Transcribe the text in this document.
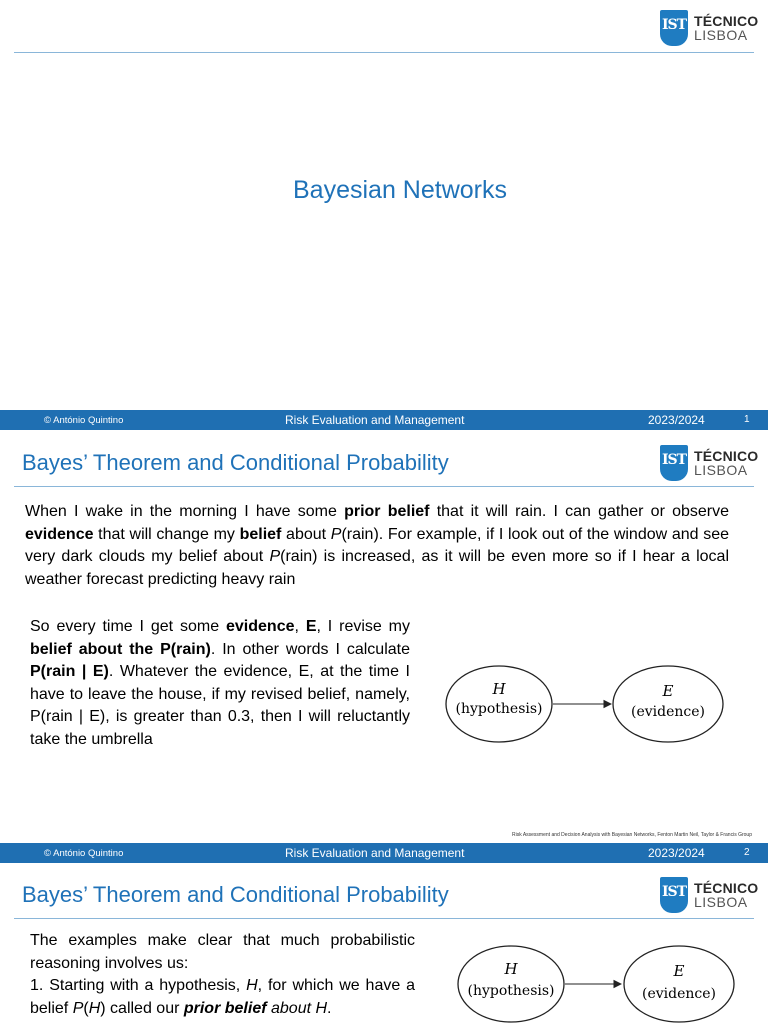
IST TÉCNICO
LISBOA
Bayesian Networks
© António Quintino	Risk Evaluation and Management	2023/2024	1
Bayes’ Theorem and Conditional Probability	IST TÉCNICO
LISBOA
When I wake in the morning I have some prior belief that it will rain. I can gather or observe evidence that will change my belief about P(rain). For example, if I look out of the window and see very dark clouds my belief about P(rain) is increased, as it will be even more so if I hear a local weather forecast predicting heavy rain
So every time I get some evidence, E, I revise my belief about the P(rain). In other words I calculate P(rain | E). Whatever the evidence, E, at the time I have to leave the house, if my revised belief, namely, P(rain | E), is greater than 0.3, then I will reluctantly take the umbrella
H
(hypothesis)
E
(evidence)
Risk Assessment and Decision Analysis with Bayesian Networks, Fenton Martin Neil, Taylor & Francis Group
© António Quintino	Risk Evaluation and Management	2023/2024	2
Bayes’ Theorem and Conditional Probability	IST TÉCNICO
LISBOA
The examples make clear that much probabilistic reasoning involves us:
1. Starting with a hypothesis, H, for which we have a belief P(H) called our prior belief about H.
H
(hypothesis)
E
(evidence)
